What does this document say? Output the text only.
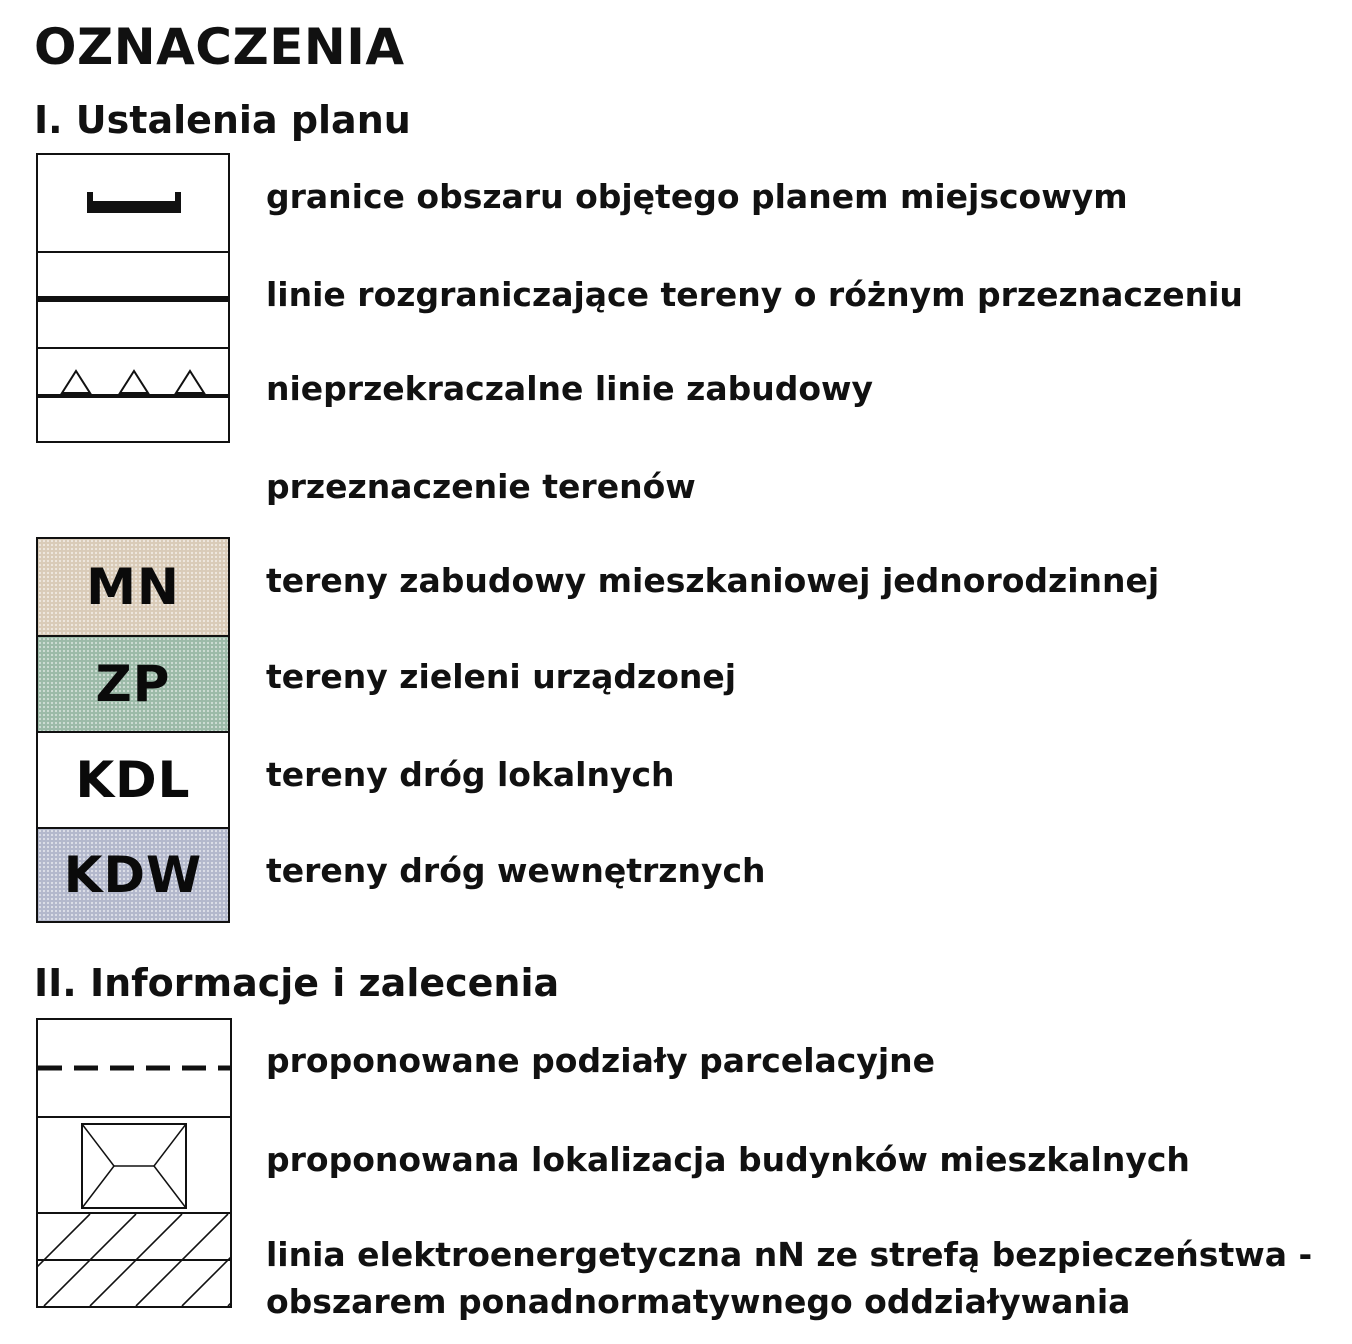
OZNACZENIA
I. Ustalenia planu
granice obszaru objętego planem miejscowym
linie rozgraniczające tereny o różnym przeznaczeniu
nieprzekraczalne linie zabudowy
przeznaczenie terenów
MN
ZP
KDL
KDW
tereny zabudowy mieszkaniowej jednorodzinnej
tereny zieleni urządzonej
tereny dróg lokalnych
tereny dróg wewnętrznych
II. Informacje i zalecenia
proponowane podziały parcelacyjne
proponowana lokalizacja budynków mieszkalnych
linia elektroenergetyczna nN ze strefą bezpieczeństwa -
obszarem ponadnormatywnego oddziaływania
